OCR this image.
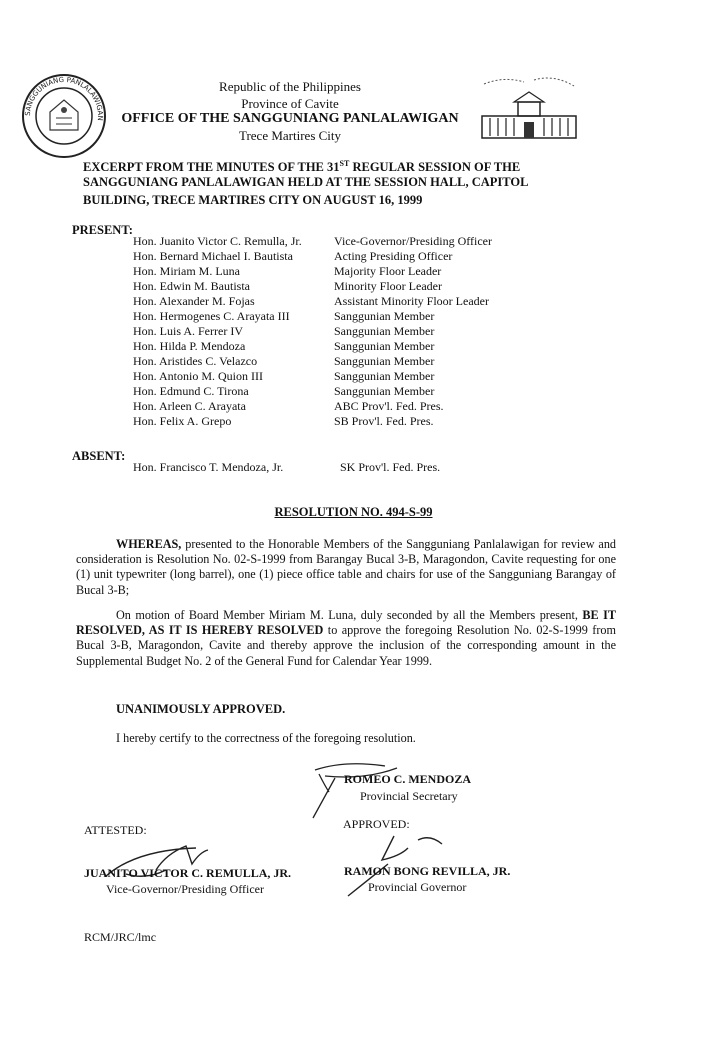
SANGGUNIANG PANLALAWIGAN
Republic of the Philippines
Province of Cavite
OFFICE OF THE SANGGUNIANG PANLALAWIGAN
Trece Martires City
EXCERPT FROM THE MINUTES OF THE 31ST REGULAR SESSION OF THE
SANGGUNIANG PANLALAWIGAN HELD AT THE SESSION HALL, CAPITOL
BUILDING, TRECE MARTIRES CITY ON AUGUST 16, 1999
PRESENT:
Hon. Juanito Victor C. Remulla, Jr.	Vice-Governor/Presiding Officer
Hon. Bernard Michael I. Bautista	Acting Presiding Officer
Hon. Miriam M. Luna	Majority Floor Leader
Hon. Edwin M. Bautista	Minority Floor Leader
Hon. Alexander M. Fojas	Assistant Minority Floor Leader
Hon. Hermogenes C. Arayata III	Sanggunian Member
Hon. Luis A. Ferrer IV	Sanggunian Member
Hon. Hilda P. Mendoza	Sanggunian Member
Hon. Aristides C. Velazco	Sanggunian Member
Hon. Antonio M. Quion III	Sanggunian Member
Hon. Edmund C. Tirona	Sanggunian Member
Hon. Arleen C. Arayata	ABC Prov'l. Fed. Pres.
Hon. Felix A. Grepo	SB Prov'l. Fed. Pres.
ABSENT:
Hon. Francisco T. Mendoza, Jr.	SK Prov'l. Fed. Pres.
RESOLUTION NO. 494-S-99
WHEREAS, presented to the Honorable Members of the Sangguniang Panlalawigan for review and consideration is Resolution No. 02-S-1999 from Barangay Bucal 3-B, Maragondon, Cavite requesting for one (1) unit typewriter (long barrel), one (1) piece office table and chairs for use of the Sangguniang Barangay of Bucal 3-B;
On motion of Board Member Miriam M. Luna, duly seconded by all the Members present, BE IT RESOLVED, AS IT IS HEREBY RESOLVED to approve the foregoing Resolution No. 02-S-1999 from Bucal 3-B, Maragondon, Cavite and thereby approve the inclusion of the corresponding amount in the Supplemental Budget No. 2 of the General Fund for Calendar Year 1999.
UNANIMOUSLY APPROVED.
I hereby certify to the correctness of the foregoing resolution.
ROMEO C. MENDOZA
Provincial Secretary
ATTESTED:	APPROVED:
JUANITO VICTOR C. REMULLA, JR.
Vice-Governor/Presiding Officer
RAMON BONG REVILLA, JR.
Provincial Governor
RCM/JRC/lmc
